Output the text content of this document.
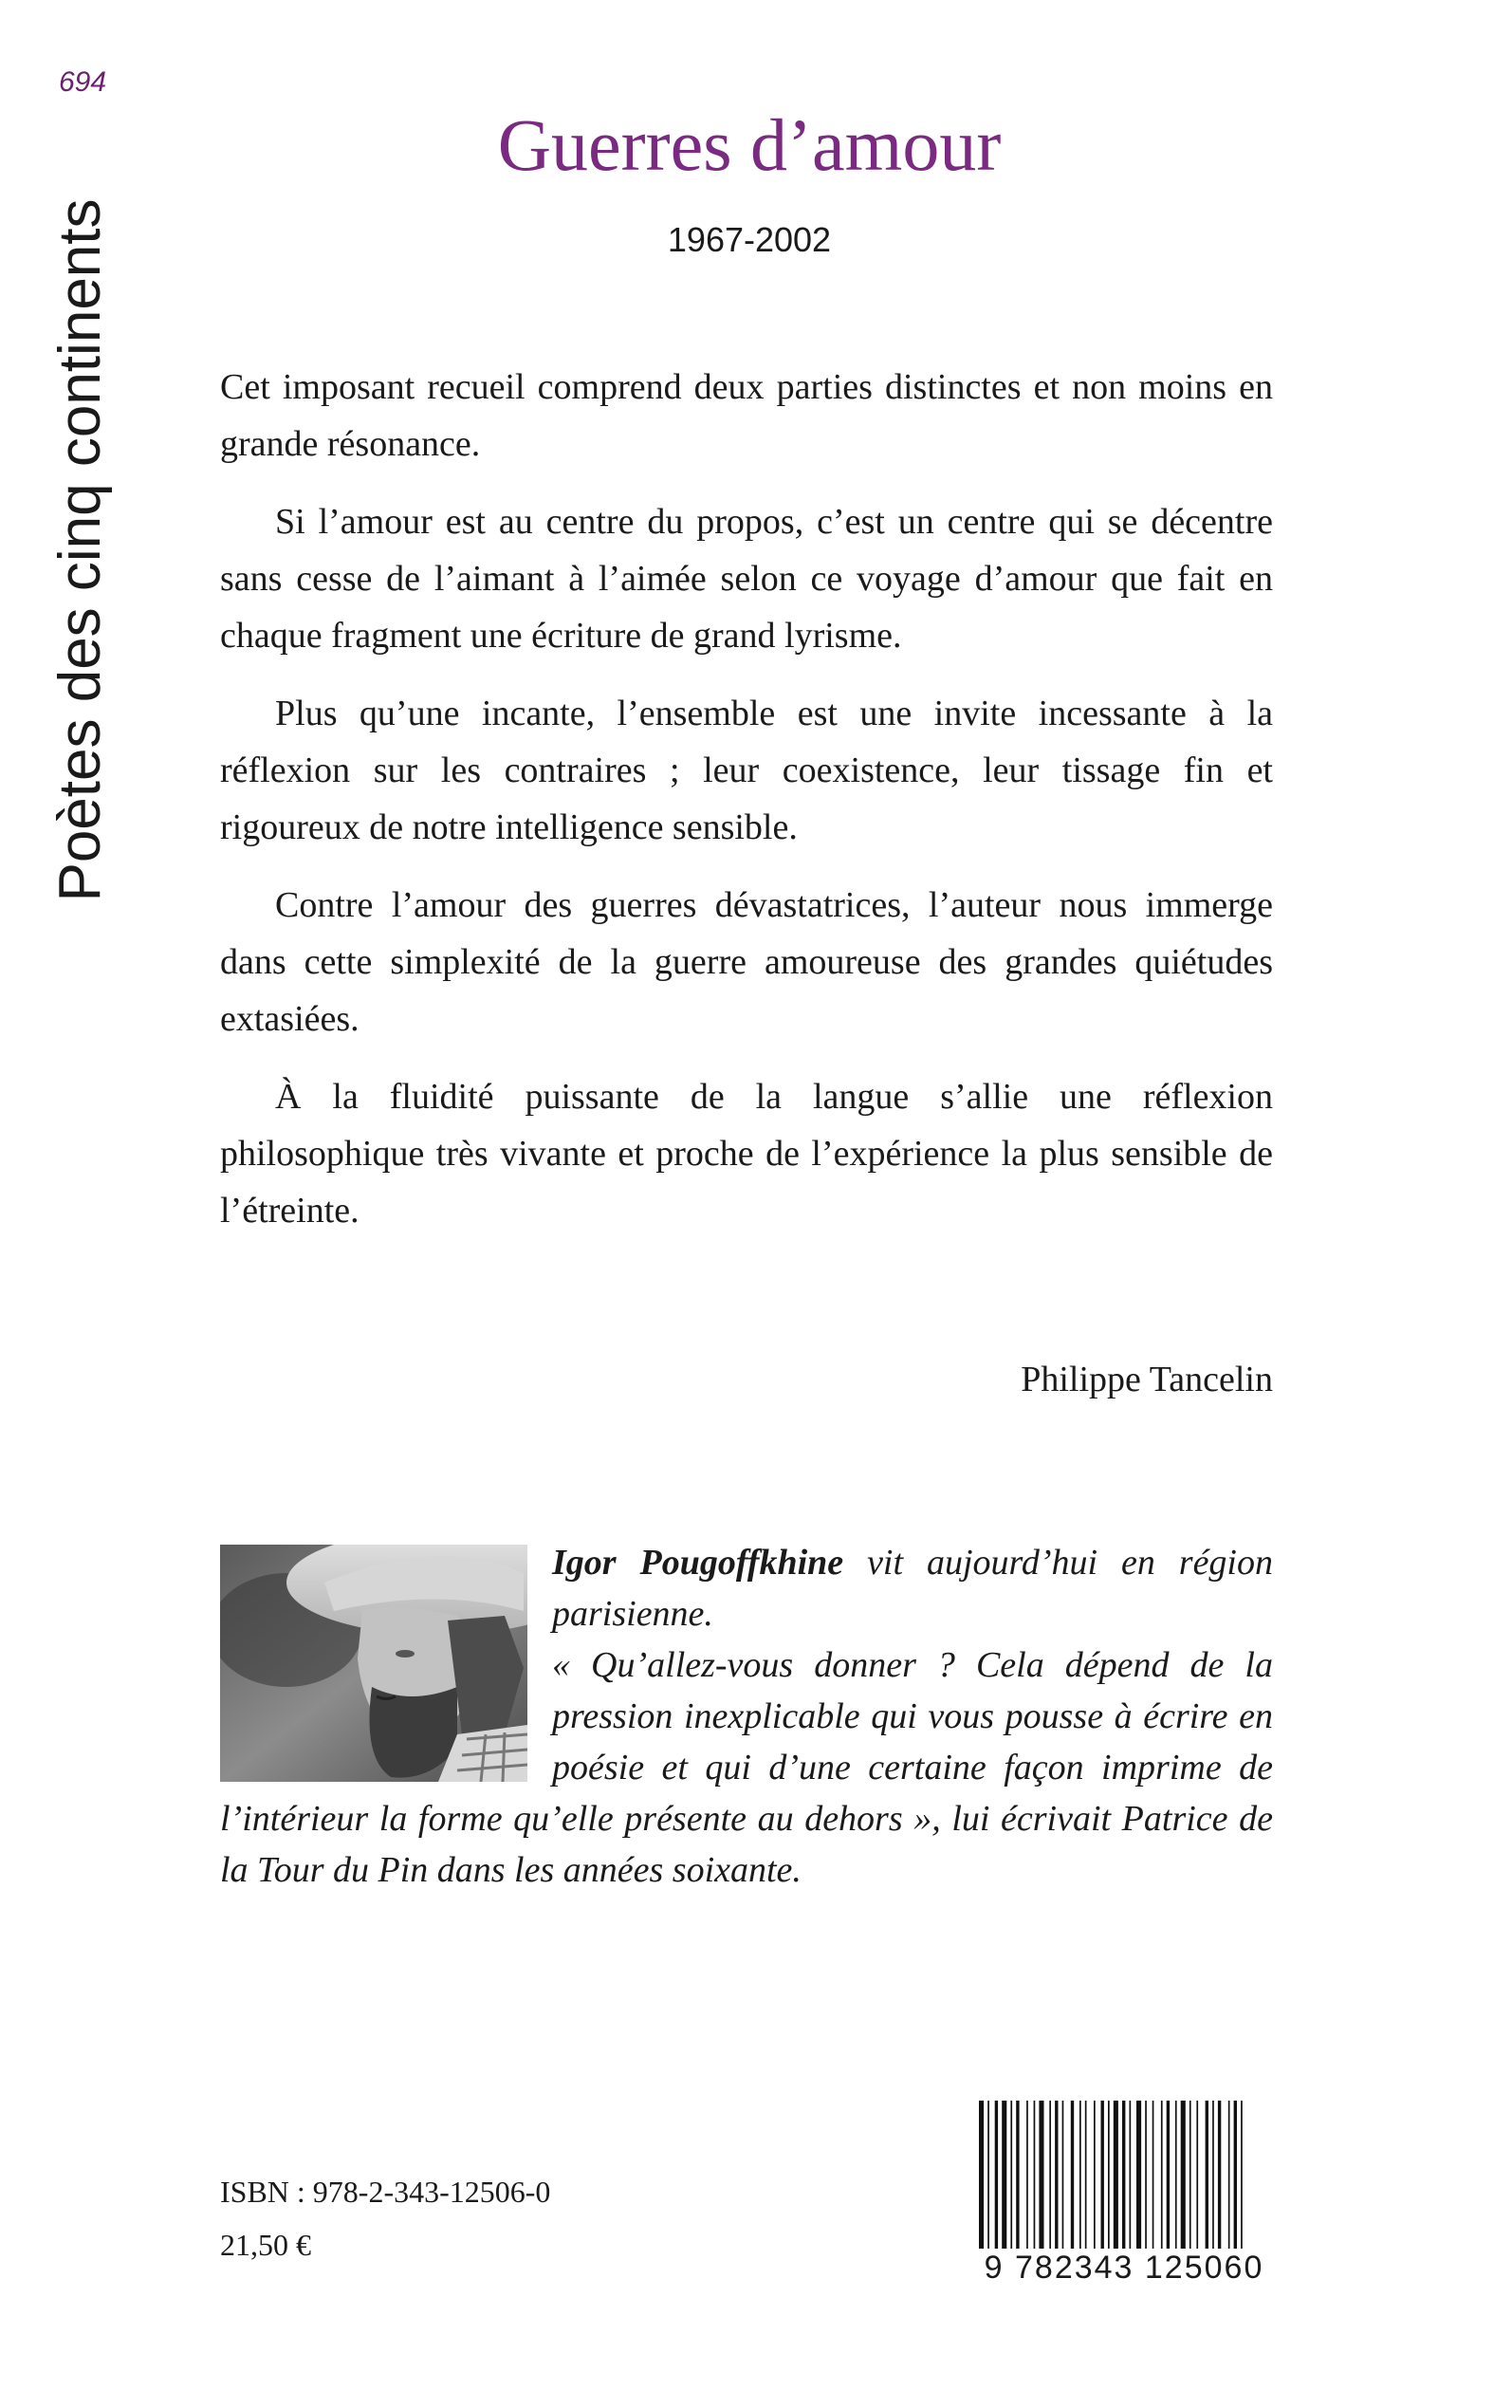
694
Poètes des cinq continents
Guerres d’amour
1967-2002

Cet imposant recueil comprend deux parties distinctes et non moins en grande résonance.

Si l’amour est au centre du propos, c’est un centre qui se décentre sans cesse de l’aimant à l’aimée selon ce voyage d’amour que fait en chaque fragment une écriture de grand lyrisme.

Plus qu’une incante, l’ensemble est une invite incessante à la réflexion sur les contraires ; leur coexistence, leur tissage fin et rigoureux de notre intelligence sensible.

Contre l’amour des guerres dévastatrices, l’auteur nous immerge dans cette simplexité de la guerre amoureuse des grandes quiétudes extasiées.

À la fluidité puissante de la langue s’allie une réflexion philosophique très vivante et proche de l’expérience la plus sensible de l’étreinte.

Philippe Tancelin
Igor Pougoffkhine vit aujourd’hui en région parisienne.
« Qu’allez-vous donner ? Cela dépend de la pression inexplicable qui vous pousse à écrire en poésie et qui d’une certaine façon imprime de l’intérieur la forme qu’elle présente au dehors », lui écrivait Patrice de la Tour du Pin dans les années soixante.
ISBN : 978-2-343-12506-0
21,50 €
9 782343 125060
